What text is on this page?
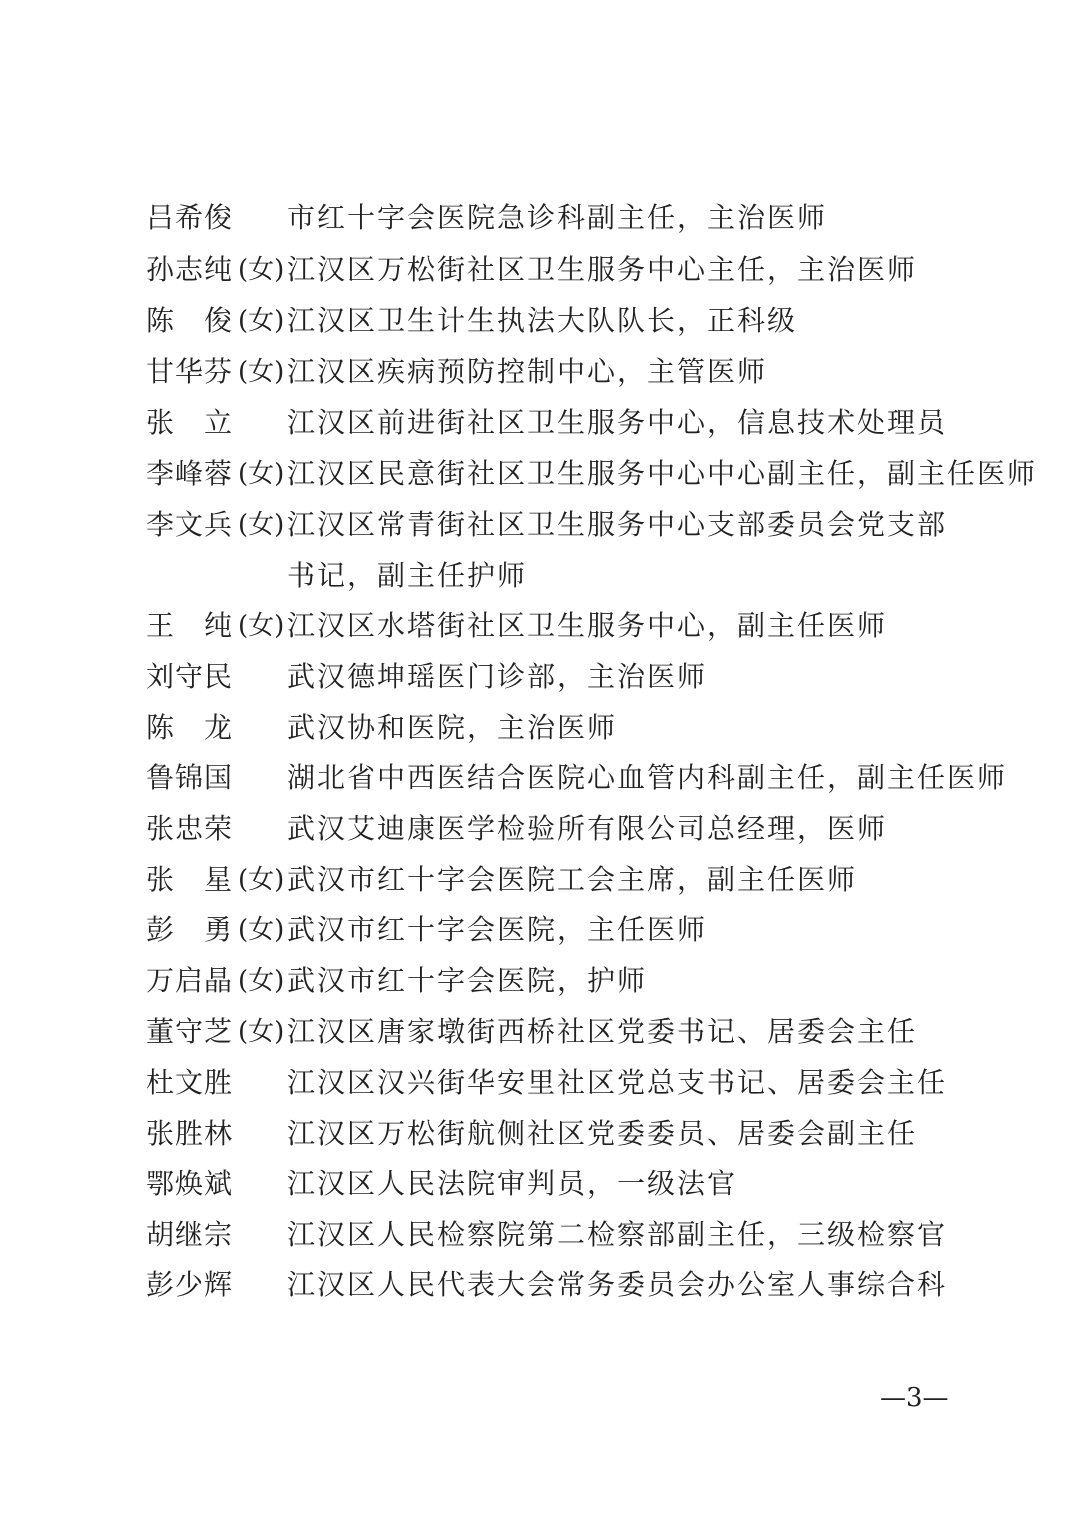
吕希俊 市红十字会医院急诊科副主任，主治医师
孙志纯 (女) 江汉区万松街社区卫生服务中心主任，主治医师
陈　俊 (女) 江汉区卫生计生执法大队队长，正科级
甘华芬 (女) 江汉区疾病预防控制中心，主管医师
张　立 江汉区前进街社区卫生服务中心，信息技术处理员
李峰蓉 (女) 江汉区民意街社区卫生服务中心中心副主任，副主任医师
李文兵 (女) 江汉区常青街社区卫生服务中心支部委员会党支部
书记，副主任护师
王　纯 (女) 江汉区水塔街社区卫生服务中心，副主任医师
刘守民 武汉德坤瑶医门诊部，主治医师
陈　龙 武汉协和医院，主治医师
鲁锦国 湖北省中西医结合医院心血管内科副主任，副主任医师
张忠荣 武汉艾迪康医学检验所有限公司总经理，医师
张　星 (女) 武汉市红十字会医院工会主席，副主任医师
彭　勇 (女) 武汉市红十字会医院，主任医师
万启晶 (女) 武汉市红十字会医院，护师
董守芝 (女) 江汉区唐家墩街西桥社区党委书记、居委会主任
杜文胜 江汉区汉兴街华安里社区党总支书记、居委会主任
张胜林 江汉区万松街航侧社区党委委员、居委会副主任
鄂焕斌 江汉区人民法院审判员，一级法官
胡继宗 江汉区人民检察院第二检察部副主任，三级检察官
彭少辉 江汉区人民代表大会常务委员会办公室人事综合科
—3—
